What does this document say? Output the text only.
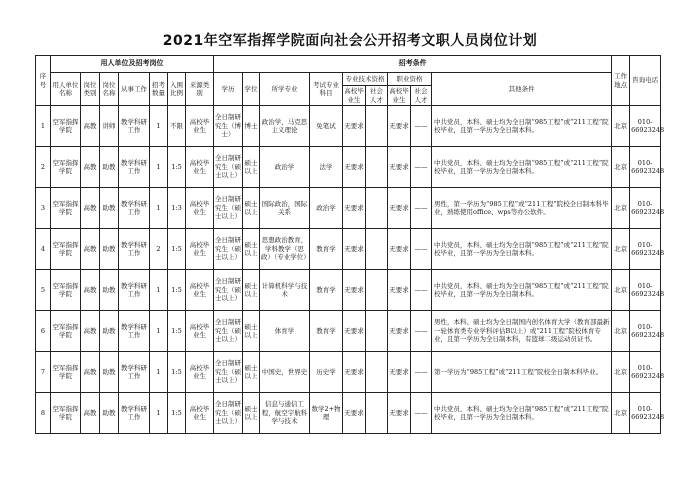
2021年空军指挥学院面向社会公开招考文职人员岗位计划
序号	用人单位及招考岗位							招考条件									工作地点	咨询电话
	用人单位名称	岗位类别	岗位名称	从事工作	招考数量	入围比例	来源类别	学历	学位	所学专业	考试专业科目	专业技术资格		职业资格		其他条件		
												高校毕业生	社会人才	高校毕业生	社会人才			
1	空军指挥学院	高教	讲师	教学科研工作	1	不限	高校毕业生	全日制研究生（博士）	博士	政治学，马克思主义理论	免笔试	无要求		无要求	——	中共党员，本科、硕士均为全日制“985工程”或“211工程”院校毕业，且第一学历为全日制本科。	北京	010-66923248
2	空军指挥学院	高教	助教	教学科研工作	1	1:5	高校毕业生	全日制研究生（硕士以上）	硕士以上	政治学	法学	无要求		无要求	——	中共党员，本科、硕士均为全日制“985工程”或“211工程”院校毕业，且第一学历为全日制本科。	北京	010-66923248
3	空军指挥学院	高教	助教	教学科研工作	1	1:3	高校毕业生	全日制研究生（硕士以上）	硕士以上	国际政治，国际关系	政治学	无要求		无要求	——	男性，第一学历为“985工程”或“211工程”院校全日制本科毕业，熟练使用office、wps等办公软件。	北京	010-66923248
4	空军指挥学院	高教	助教	教学科研工作	2	1:5	高校毕业生	全日制研究生（硕士以上）	硕士以上	思想政治教育，学科教学（思政）（专业学位）	教育学	无要求		无要求	——	中共党员，本科、硕士均为全日制“985工程”或“211工程”院校毕业，且第一学历为全日制本科。	北京	010-66923248
5	空军指挥学院	高教	助教	教学科研工作	1	1:5	高校毕业生	全日制研究生（硕士以上）	硕士以上	计算机科学与技术	教育学	无要求		无要求	——	中共党员，本科、硕士均为全日制“985工程”或“211工程”院校毕业，且第一学历为全日制本科。	北京	010-66923248
6	空军指挥学院	高教	助教	教学科研工作	1	1:5	高校毕业生	全日制研究生（硕士以上）	硕士以上	体育学	教育学	无要求		无要求	——	男性，本科、硕士均为全日制国内创名体育大学（教育部最新一轮体育类专业学科评估B以上）或“211工程”院校体育专业，且第一学历为全日制本科，有篮球二级运动员证书。	北京	010-66923248
7	空军指挥学院	高教	助教	教学科研工作	1	1:5	高校毕业生	全日制研究生（硕士以上）	硕士以上	中国史，世界史	历史学	无要求		无要求	——	第一学历为“985工程”或“211工程”院校全日制本科毕业。	北京	010-66923248
8	空军指挥学院	高教	助教	教学科研工作	1	1:5	高校毕业生	全日制研究生（硕士以上）	硕士以上	信息与通信工程，航空宇航科学与技术	数学2+物理	无要求		无要求	——	中共党员，本科、硕士均为全日制“985工程”或“211工程”院校毕业，且第一学历为全日制本科。	北京	010-66923248
